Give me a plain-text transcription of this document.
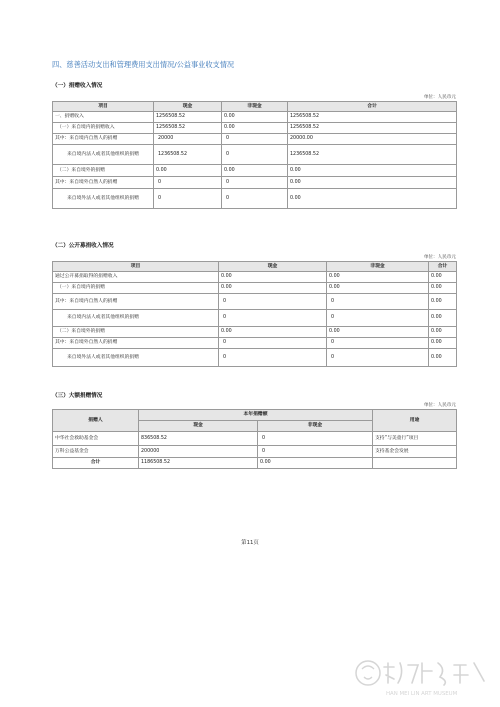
四、慈善活动支出和管理费用支出情况/公益事业收支情况
（一）捐赠收入情况
单位：人民币元
项目	现金	非现金	合计
一、捐赠收入	1256508.52	0.00	1256508.52
（一）来自境内的捐赠收入	1256508.52	0.00	1256508.52
其中：来自境内自然人的捐赠	20000	0	20000.00
来自境内法人或者其他组织的捐赠	1236508.52	0	1236508.52
（二）来自境外的捐赠	0.00	0.00	0.00
其中：来自境外自然人的捐赠	0	0	0.00
来自境外法人或者其他组织的捐赠	0	0	0.00
（二）公开募捐收入情况
单位：人民币元
项目	现金	非现金	合计
通过公开募捐取得的捐赠收入	0.00	0.00	0.00
（一）来自境内的捐赠	0.00	0.00	0.00
其中：来自境内自然人的捐赠	0	0	0.00
来自境内法人或者其他组织的捐赠	0	0	0.00
（二）来自境外的捐赠	0.00	0.00	0.00
其中：来自境外自然人的捐赠	0	0	0.00
来自境外法人或者其他组织的捐赠	0	0	0.00
（三）大额捐赠情况
单位：人民币元
捐赠人	本年捐赠额		用途
	现金	非现金	
中华社会救助基金会	836508.52	0	支持“与美童行”项目
万科公益基金会	200000	0	支持基金会发展
合计	1186508.52	0.00	
第11页
HAN MEI LIN ART MUSEUM
